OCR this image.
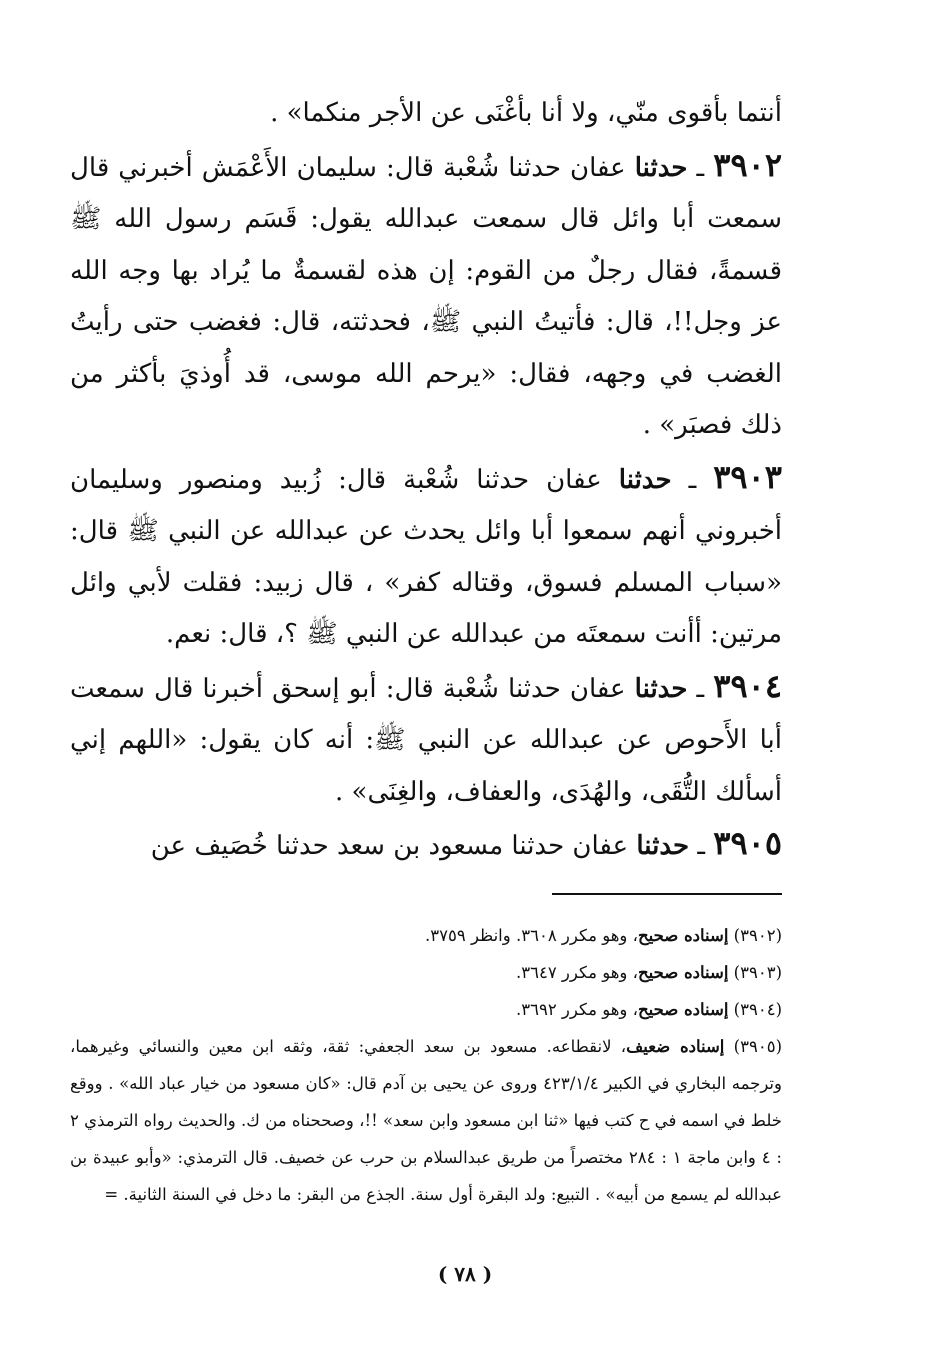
أنتما بأقوى منّي، ولا أنا بأغْنَى عن الأجر منكما» .

٣٩٠٢ ـ حدثنا عفان حدثنا شُعْبة قال: سليمان الأَعْمَش أخبرني قال سمعت أبا وائل قال سمعت عبدالله يقول: قَسَم رسول الله ﷺ قسمةً، فقال رجلٌ من القوم: إن هذه لقسمةٌ ما يُراد بها وجه الله عز وجل!!، قال: فأتيتُ النبي ﷺ، فحدثته، قال: فغضب حتى رأيتُ الغضب في وجهه، فقال: «يرحم الله موسى، قد أُوذيَ بأكثر من ذلك فصبَر» .

٣٩٠٣ ـ حدثنا عفان حدثنا شُعْبة قال: زُبيد ومنصور وسليمان أخبروني أنهم سمعوا أبا وائل يحدث عن عبدالله عن النبي ﷺ قال: «سباب المسلم فسوق، وقتاله كفر» ، قال زبيد: فقلت لأبي وائل مرتين: أأنت سمعتَه من عبدالله عن النبي ﷺ ؟، قال: نعم.

٣٩٠٤ ـ حدثنا عفان حدثنا شُعْبة قال: أبو إسحق أخبرنا قال سمعت أبا الأَحوص عن عبدالله عن النبي ﷺ: أنه كان يقول: «اللهم إني أسألك التُّقَى، والهُدَى، والعفاف، والغِنَى» .

٣٩٠٥ ـ حدثنا عفان حدثنا مسعود بن سعد حدثنا خُصَيف عن

(٣٩٠٢) إسناده صحيح، وهو مكرر ٣٦٠٨. وانظر ٣٧٥٩.

(٣٩٠٣) إسناده صحيح، وهو مكرر ٣٦٤٧.

(٣٩٠٤) إسناده صحيح، وهو مكرر ٣٦٩٢.

(٣٩٠٥) إسناده ضعيف، لانقطاعه. مسعود بن سعد الجعفي: ثقة، وثقه ابن معين والنسائي وغيرهما، وترجمه البخاري في الكبير ٤٢٣/١/٤ وروى عن يحيى بن آدم قال: «كان مسعود من خيار عباد الله» . ووقع خلط في اسمه في ح كتب فيها «ثنا ابن مسعود وابن سعد» !!، وصححناه من ك. والحديث رواه الترمذي ٢ : ٤ وابن ماجة ١ : ٢٨٤ مختصراً من طريق عبدالسلام بن حرب عن خصيف. قال الترمذي: «وأبو عبيدة بن عبدالله لم يسمع من أبيه» . التبيع: ولد البقرة أول سنة. الجذع من البقر: ما دخل في السنة الثانية. =

( ٧٨ )
